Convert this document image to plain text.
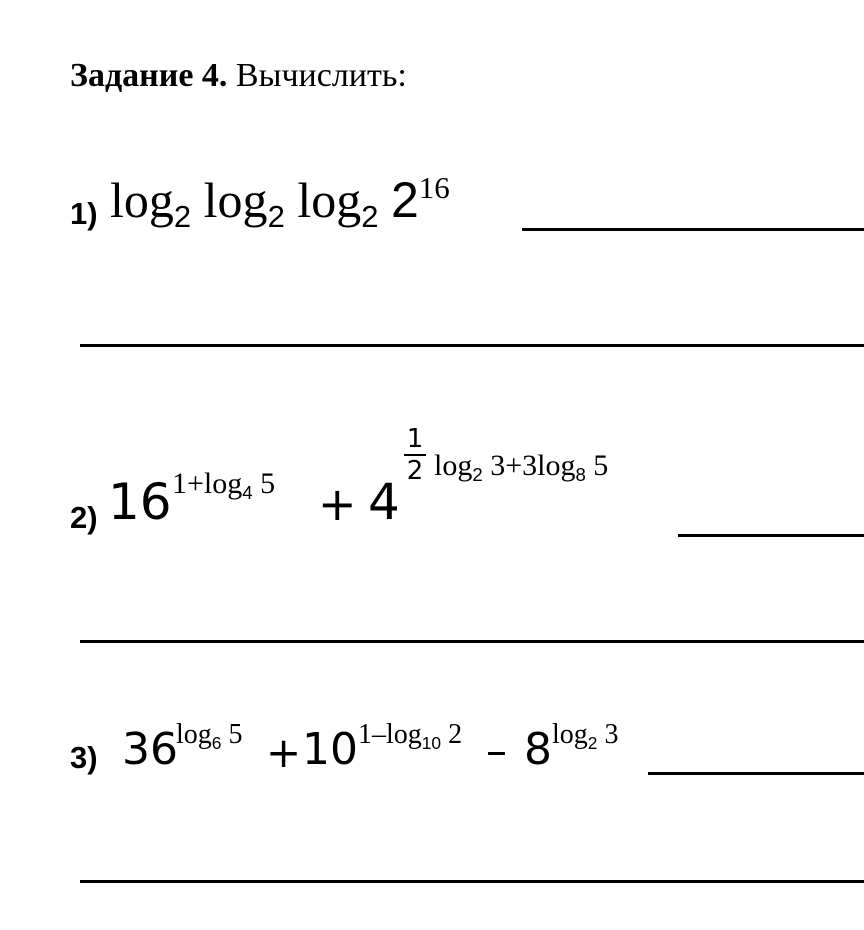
Задание 4. Вычислить:
1) log2 log2 log2 $2^{16}$
2) 16 1+log4 5 + 4
1
2 log2 3+3log8 5
3) 36
log6 5 + 10 1–log10 2 – 8 log2 3
